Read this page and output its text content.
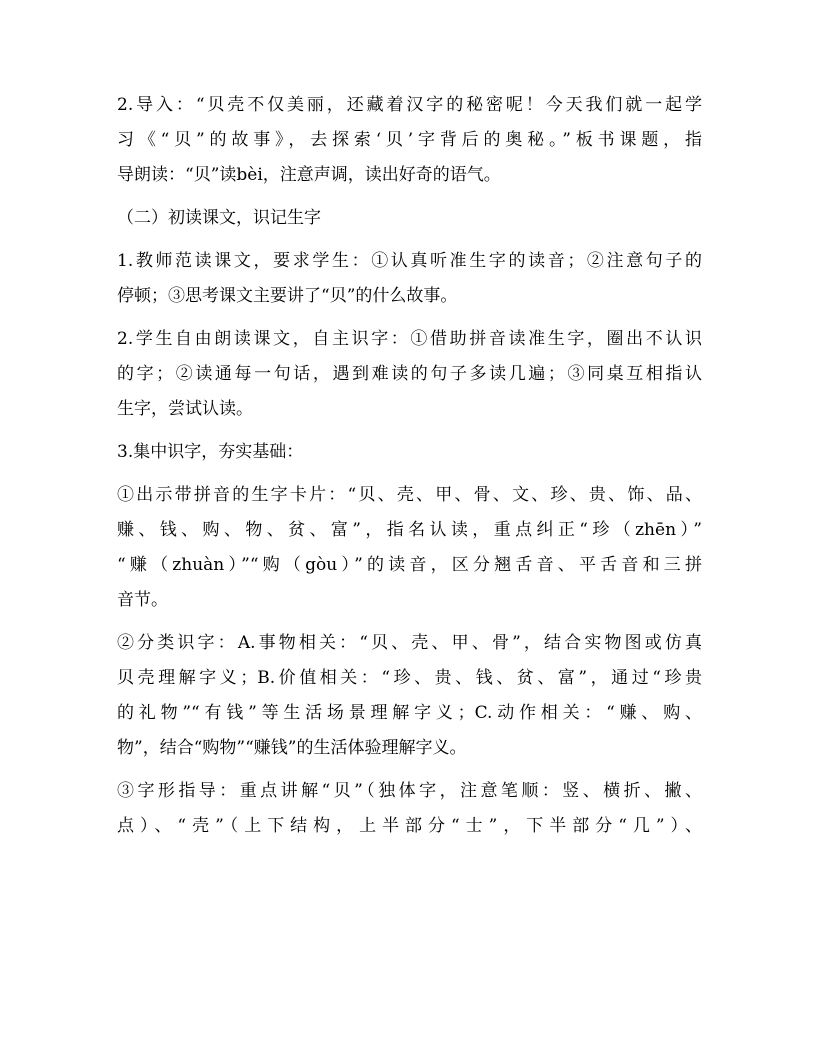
2.导入：“贝壳不仅美丽，还藏着汉字的秘密呢！今天我们就一起学
习《“贝”的故事》，去探索‘贝’字背后的奥秘。”板书课题，指
导朗读：“贝”读bèi，注意声调，读出好奇的语气。
（二）初读课文，识记生字
1.教师范读课文，要求学生：①认真听准生字的读音；②注意句子的
停顿；③思考课文主要讲了“贝”的什么故事。
2.学生自由朗读课文，自主识字：①借助拼音读准生字，圈出不认识
的字；②读通每一句话，遇到难读的句子多读几遍；③同桌互相指认
生字，尝试认读。
3.集中识字，夯实基础：
①出示带拼音的生字卡片：“贝、壳、甲、骨、文、珍、贵、饰、品、
赚、钱、购、物、贫、富”，指名认读，重点纠正“珍（zhēn）”
“赚（zhuàn）”“购（gòu）”的读音，区分翘舌音、平舌音和三拼
音节。
②分类识字：A.事物相关：“贝、壳、甲、骨”，结合实物图或仿真
贝壳理解字义；B.价值相关：“珍、贵、钱、贫、富”，通过“珍贵
的礼物”“有钱”等生活场景理解字义；C.动作相关：“赚、购、
物”，结合“购物”“赚钱”的生活体验理解字义。
③字形指导：重点讲解“贝”（独体字，注意笔顺：竖、横折、撇、
点）、“壳”（上下结构，上半部分“士”，下半部分“几”）、
